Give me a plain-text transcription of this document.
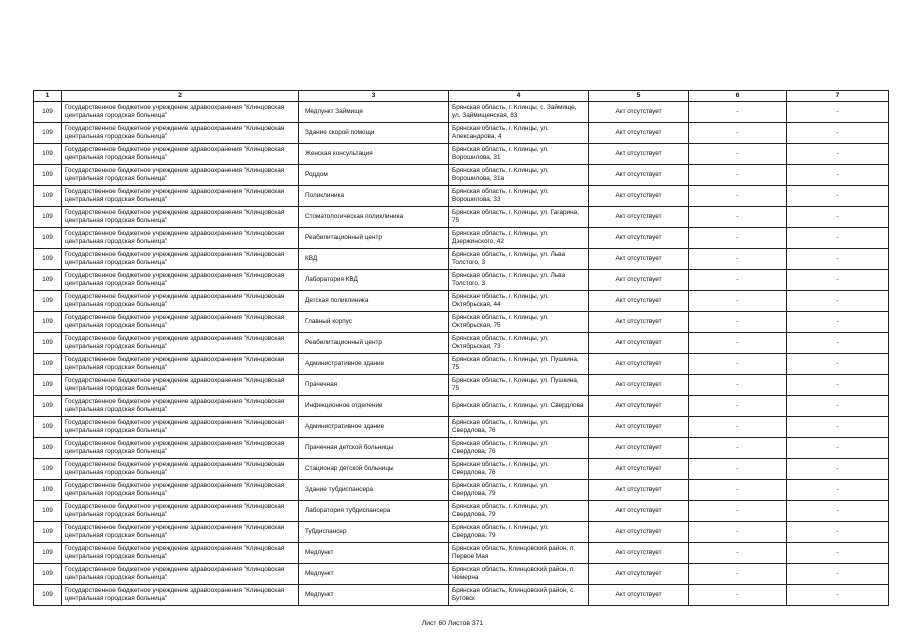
1	2	3	4	5	6	7
109	Государственное бюджетное учреждение здравоохранения "Клинцовская центральная городская больница"	Медпункт Займище	Брянская область, г. Клинцы, с. Займище, ул. Займищенская, 83	Акт отсутствует	-	-
109	Государственное бюджетное учреждение здравоохранения "Клинцовская центральная городская больница"	Здание скорой помощи	Брянская область, г. Клинцы, ул. Александрова, 4	Акт отсутствует	-	-
109	Государственное бюджетное учреждение здравоохранения "Клинцовская центральная городская больница"	Женская консультация	Брянская область, г. Клинцы, ул. Ворошилова, 31	Акт отсутствует	-	-
109	Государственное бюджетное учреждение здравоохранения "Клинцовская центральная городская больница"	Роддом	Брянская область, г. Клинцы, ул. Ворошилова, 31а	Акт отсутствует	-	-
109	Государственное бюджетное учреждение здравоохранения "Клинцовская центральная городская больница"	Поликлиника	Брянская область, г. Клинцы, ул. Ворошилова, 33	Акт отсутствует	-	-
109	Государственное бюджетное учреждение здравоохранения "Клинцовская центральная городская больница"	Стоматологическая поликлиника	Брянская область, г. Клинцы, ул. Гагарина, 75	Акт отсутствует	-	-
109	Государственное бюджетное учреждение здравоохранения "Клинцовская центральная городская больница"	Реабилитационный центр	Брянская область, г. Клинцы, ул. Дзержинского, 42	Акт отсутствует	-	-
109	Государственное бюджетное учреждение здравоохранения "Клинцовская центральная городская больница"	КВД	Брянская область, г. Клинцы, ул. Льва Толстого, 3	Акт отсутствует	-	-
109	Государственное бюджетное учреждение здравоохранения "Клинцовская центральная городская больница"	Лаборатория КВД	Брянская область, г. Клинцы, ул. Льва Толстого, 3	Акт отсутствует	-	-
109	Государственное бюджетное учреждение здравоохранения "Клинцовская центральная городская больница"	Детская поликлиника	Брянская область, г. Клинцы, ул. Октябрьская, 44	Акт отсутствует	-	-
109	Государственное бюджетное учреждение здравоохранения "Клинцовская центральная городская больница"	Главный корпус	Брянская область, г. Клинцы, ул. Октябрьская, 75	Акт отсутствует	-	-
109	Государственное бюджетное учреждение здравоохранения "Клинцовская центральная городская больница"	Реабилитационный центр	Брянская область, г. Клинцы, ул. Октябрьская, 73	Акт отсутствует	-	-
109	Государственное бюджетное учреждение здравоохранения "Клинцовская центральная городская больница"	Административное здание	Брянская область, г. Клинцы, ул. Пушкина, 75	Акт отсутствует	-	-
109	Государственное бюджетное учреждение здравоохранения "Клинцовская центральная городская больница"	Прачечная	Брянская область, г. Клинцы, ул. Пушкина, 75	Акт отсутствует	-	-
109	Государственное бюджетное учреждение здравоохранения "Клинцовская центральная городская больница"	Инфекционное отделение	Брянская область, г. Клинцы, ул. Свердлова	Акт отсутствует	-	-
109	Государственное бюджетное учреждение здравоохранения "Клинцовская центральная городская больница"	Административное здание	Брянская область, г. Клинцы, ул. Свердлова, 76	Акт отсутствует	-	-
109	Государственное бюджетное учреждение здравоохранения "Клинцовская центральная городская больница"	Прачечная детской больницы	Брянская область, г. Клинцы, ул. Свердлова, 76	Акт отсутствует	-	-
109	Государственное бюджетное учреждение здравоохранения "Клинцовская центральная городская больница"	Стационар детской больницы	Брянская область, г. Клинцы, ул. Свердлова, 76	Акт отсутствует	-	-
109	Государственное бюджетное учреждение здравоохранения "Клинцовская центральная городская больница"	Здание тубдиспансера	Брянская область, г. Клинцы, ул. Свердлова, 79	Акт отсутствует	-	-
109	Государственное бюджетное учреждение здравоохранения "Клинцовская центральная городская больница"	Лаборатория тубдиспансера	Брянская область, г. Клинцы, ул. Свердлова, 79	Акт отсутствует	-	-
109	Государственное бюджетное учреждение здравоохранения "Клинцовская центральная городская больница"	Тубдиспансер	Брянская область, г. Клинцы, ул. Свердлова, 79	Акт отсутствует	-	-
109	Государственное бюджетное учреждение здравоохранения "Клинцовская центральная городская больница"	Медпункт	Брянская область, Клинцовский район, п. Первое Мая	Акт отсутствует	-	-
109	Государственное бюджетное учреждение здравоохранения "Клинцовская центральная городская больница"	Медпункт	Брянская область, Клинцовский район, п. Чемерна	Акт отсутствует	-	-
109	Государственное бюджетное учреждение здравоохранения "Клинцовская центральная городская больница"	Медпункт	Брянская область, Клинцовский район, с. Бутовск	Акт отсутствует	-	-
Лист 60 Листов 371
